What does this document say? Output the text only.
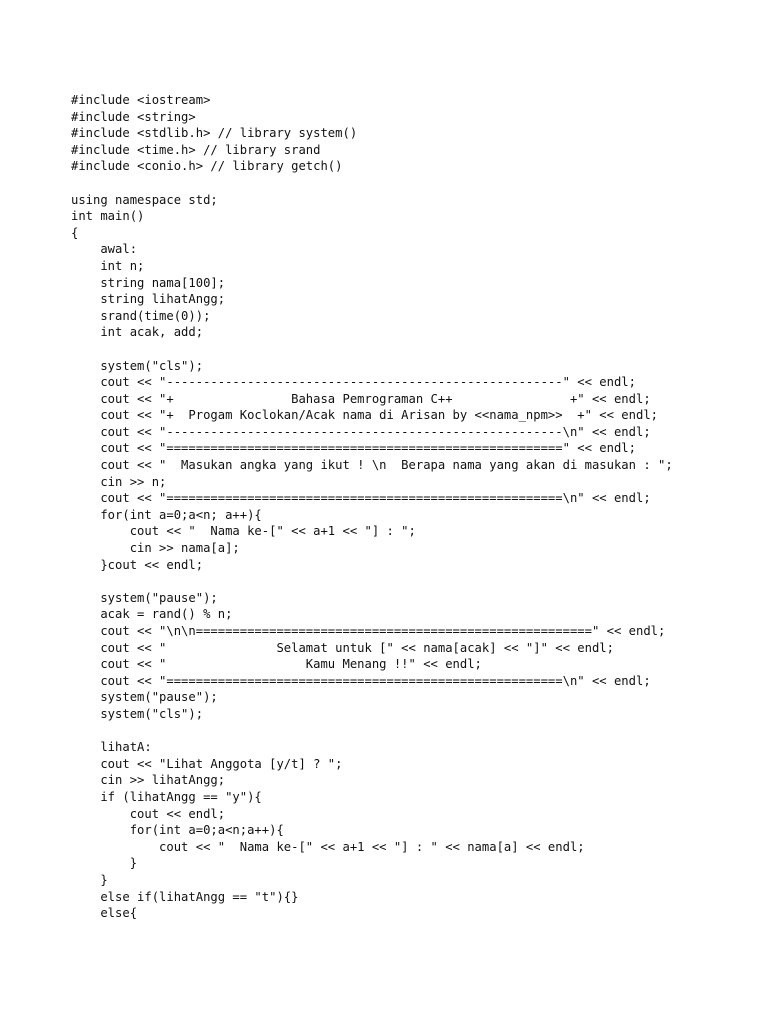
#include <iostream>
#include <string>
#include <stdlib.h> // library system()
#include <time.h> // library srand
#include <conio.h> // library getch()
using namespace std;
int main()
{
awal:
int n;
string nama[100];
string lihatAngg;
srand(time(0));
int acak, add;
system("cls");
cout << "------------------------------------------------------" << endl;
cout << "+                Bahasa Pemrograman C++                +" << endl;
cout << "+  Progam Koclokan/Acak nama di Arisan by <<nama_npm>>  +" << endl;
cout << "------------------------------------------------------\n" << endl;
cout << "======================================================" << endl;
cout << "  Masukan angka yang ikut ! \n  Berapa nama yang akan di masukan : ";
cin >> n;
cout << "======================================================\n" << endl;
for(int a=0;a<n; a++){
cout << "  Nama ke-[" << a+1 << "] : ";
cin >> nama[a];
}cout << endl;
system("pause");
acak = rand() % n;
cout << "\n\n======================================================" << endl;
cout << "               Selamat untuk [" << nama[acak] << "]" << endl;
cout << "                   Kamu Menang !!" << endl;
cout << "======================================================\n" << endl;
system("pause");
system("cls");
lihatA:
cout << "Lihat Anggota [y/t] ? ";
cin >> lihatAngg;
if (lihatAngg == "y"){
cout << endl;
for(int a=0;a<n;a++){
cout << "  Nama ke-[" << a+1 << "] : " << nama[a] << endl;
}
}
else if(lihatAngg == "t"){}
else{
